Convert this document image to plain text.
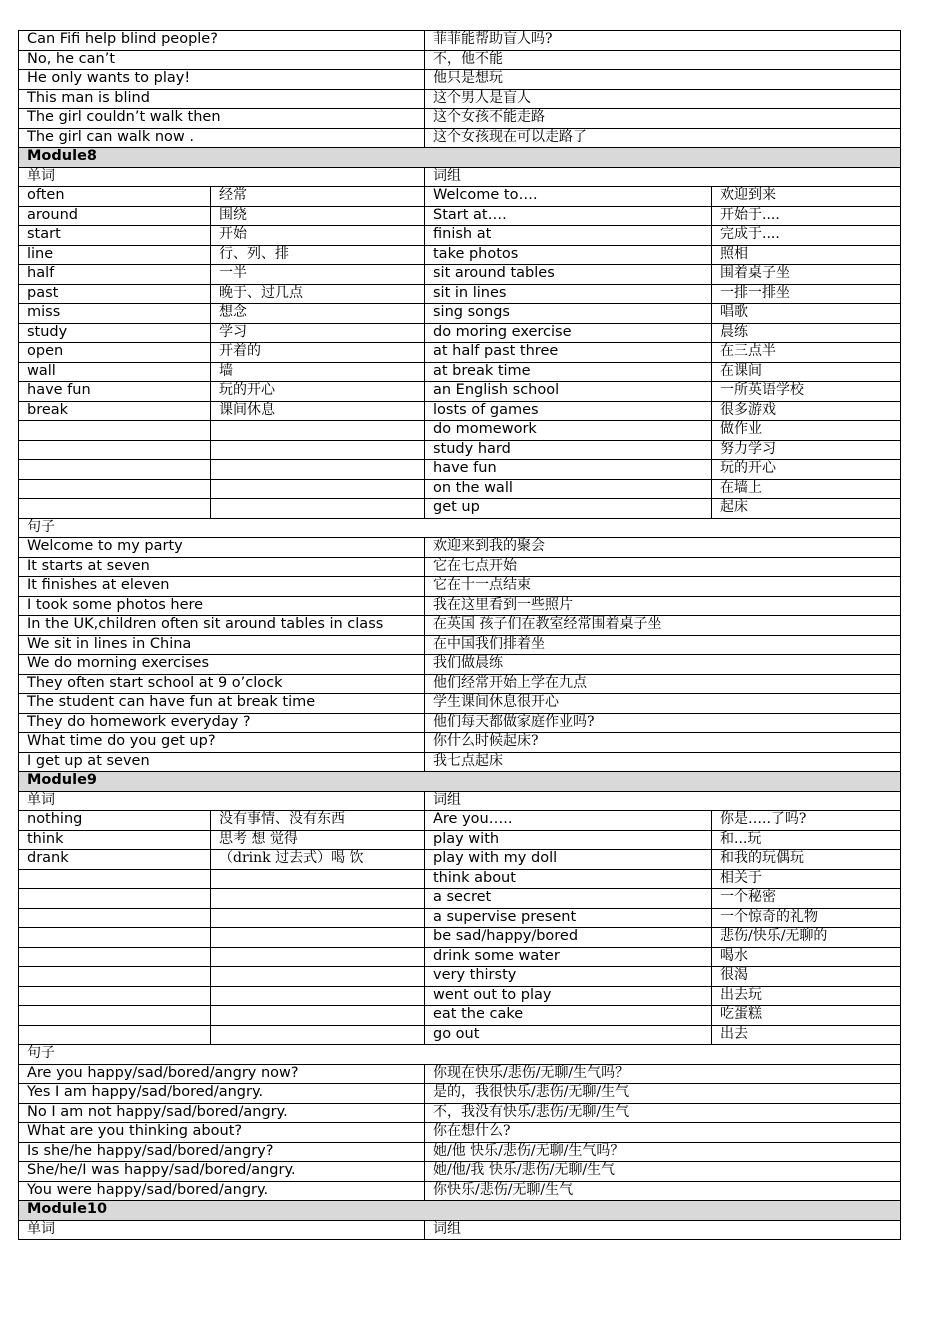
Can Fifi help blind people?		菲菲能帮助盲人吗?	
No, he can’t		不，他不能	
He only wants to play!		他只是想玩	
This man is blind		这个男人是盲人	
The girl couldn’t walk then		这个女孩不能走路	
The girl can walk now .		这个女孩现在可以走路了	
Module8			
单词		词组	
often	经常	Welcome to….	欢迎到来
around	围绕	Start at….	开始于....
start	开始	finish at	完成于....
line	行、列、排	take photos	照相
half	一半	sit around tables	围着桌子坐
past	晚于、过几点	sit in lines	一排一排坐
miss	想念	sing songs	唱歌
study	学习	do moring exercise	晨练
open	开着的	at half past three	在三点半
wall	墙	at break time	在课间
have fun	玩的开心	an English school	一所英语学校
break	课间休息	losts of games	很多游戏
		do momework	做作业
		study hard	努力学习
		have fun	玩的开心
		on the wall	在墙上
		get up	起床
句子			
Welcome to my party		欢迎来到我的聚会	
It starts at seven		它在七点开始	
It finishes at eleven		它在十一点结束	
I took some photos here		我在这里看到一些照片	
In the UK,children often sit around tables in class		在英国 孩子们在教室经常围着桌子坐	
We sit in lines in China		在中国我们排着坐	
We do morning exercises		我们做晨练	
They often start school at 9 o’clock		他们经常开始上学在九点	
The student can have fun at break time		学生课间休息很开心	
They do homework everyday ?		他们每天都做家庭作业吗?	
What time do you get up?		你什么时候起床?	
I get up at seven		我七点起床	
Module9			
单词		词组	
nothing	没有事情、没有东西	Are you…..	你是…..了吗?
think	思考 想 觉得	play with	和...玩
drank	（drink 过去式）喝 饮	play with my doll	和我的玩偶玩
		think about	相关于
		a secret	一个秘密
		a supervise present	一个惊奇的礼物
		be sad/happy/bored	悲伤/快乐/无聊的
		drink some water	喝水
		very thirsty	很渴
		went out to play	出去玩
		eat the cake	吃蛋糕
		go out	出去
句子			
Are you happy/sad/bored/angry now?		你现在快乐/悲伤/无聊/生气吗？	
Yes I am happy/sad/bored/angry.		是的，我很快乐/悲伤/无聊/生气	
No I am not happy/sad/bored/angry.		不，我没有快乐/悲伤/无聊/生气	
What are you thinking about?		你在想什么?	
Is she/he happy/sad/bored/angry?		她/他 快乐/悲伤/无聊/生气吗？	
She/he/I was happy/sad/bored/angry.		她/他/我 快乐/悲伤/无聊/生气	
You were happy/sad/bored/angry.		你快乐/悲伤/无聊/生气	
Module10			
单词		词组	
